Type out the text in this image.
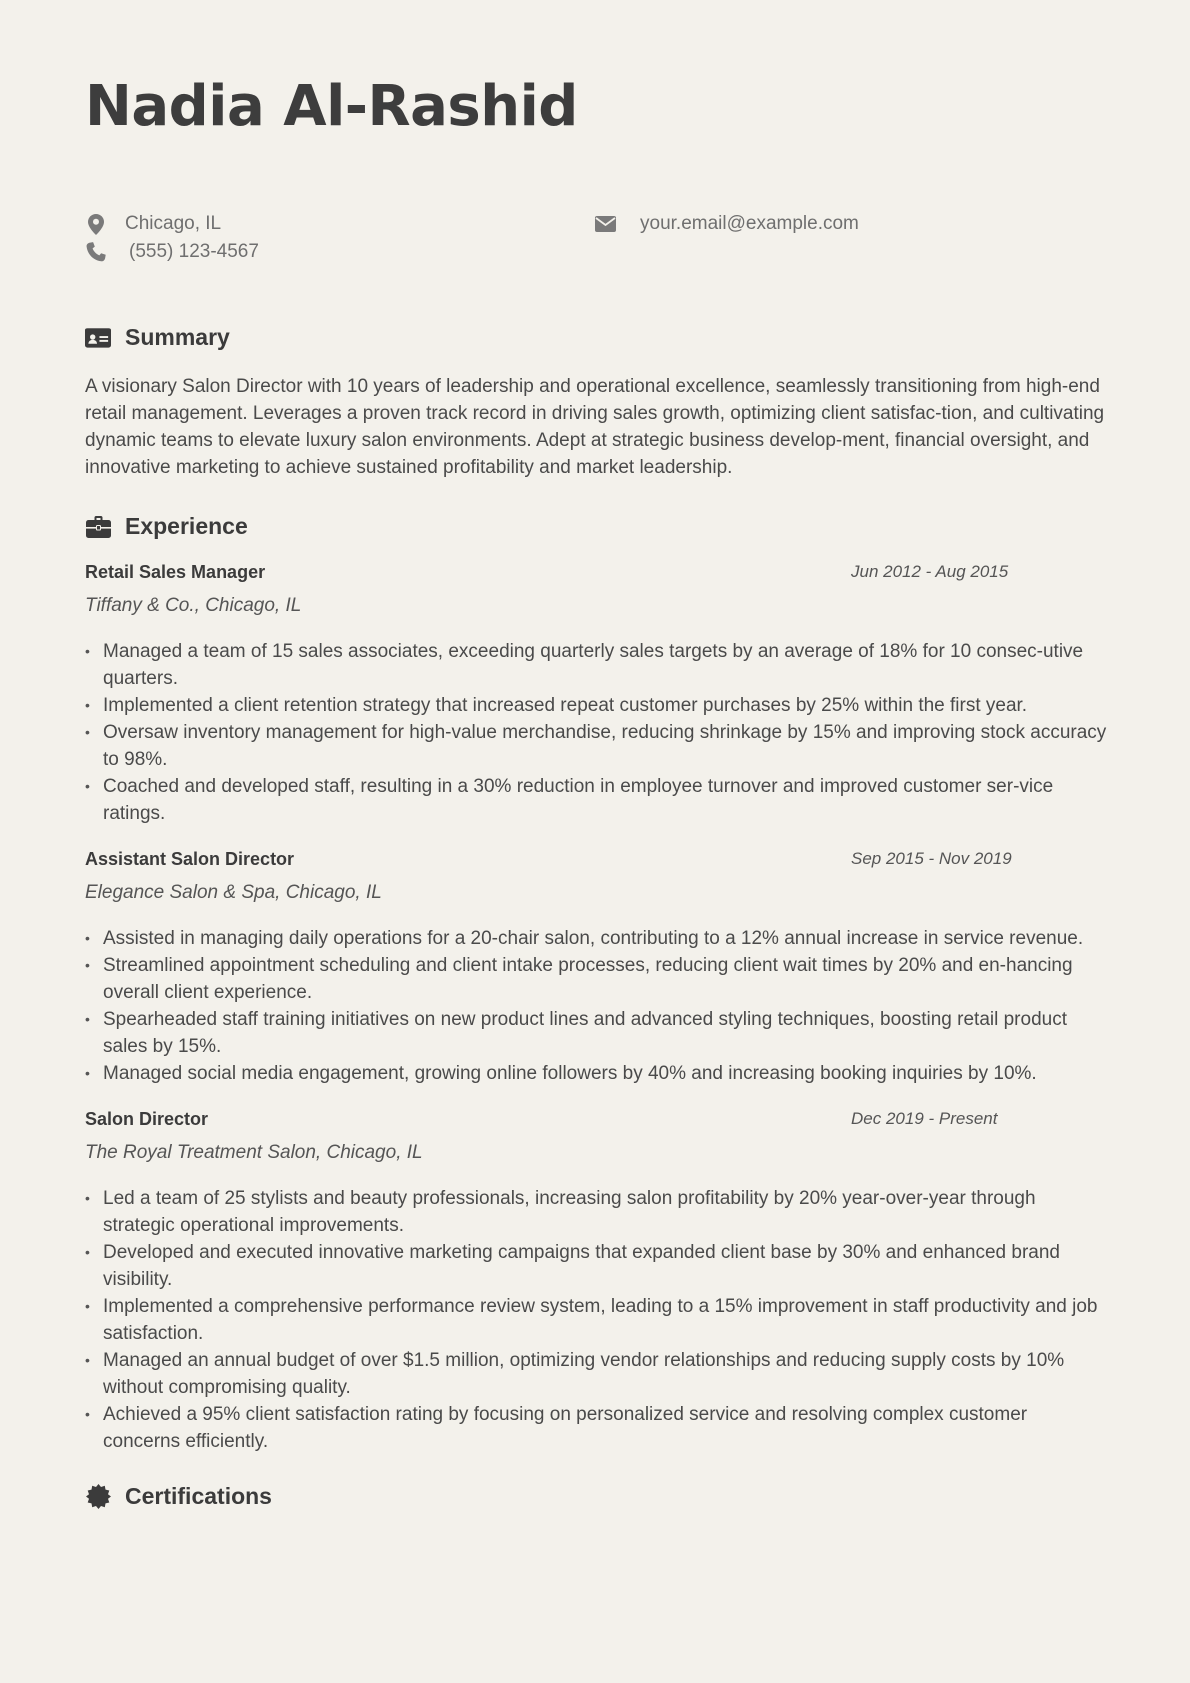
Nadia Al-Rashid
Chicago, IL
(555) 123-4567
your.email@example.com
Summary

A visionary Salon Director with 10 years of leadership and operational excellence, seamlessly transitioning from high-end retail management. Leverages a proven track record in driving sales growth, optimizing client satisfac-tion, and cultivating dynamic teams to elevate luxury salon environments. Adept at strategic business develop-ment, financial oversight, and innovative marketing to achieve sustained profitability and market leadership.

Experience
Retail Sales Manager	Jun 2012 - Aug 2015
Tiffany & Co., Chicago, IL
• Managed a team of 15 sales associates, exceeding quarterly sales targets by an average of 18% for 10 consec-utive quarters.
• Implemented a client retention strategy that increased repeat customer purchases by 25% within the first year.
• Oversaw inventory management for high-value merchandise, reducing shrinkage by 15% and improving stock accuracy to 98%.
• Coached and developed staff, resulting in a 30% reduction in employee turnover and improved customer ser-vice ratings.
Assistant Salon Director	Sep 2015 - Nov 2019
Elegance Salon & Spa, Chicago, IL
• Assisted in managing daily operations for a 20-chair salon, contributing to a 12% annual increase in service revenue.
• Streamlined appointment scheduling and client intake processes, reducing client wait times by 20% and en-hancing overall client experience.
• Spearheaded staff training initiatives on new product lines and advanced styling techniques, boosting retail product sales by 15%.
• Managed social media engagement, growing online followers by 40% and increasing booking inquiries by 10%.
Salon Director	Dec 2019 - Present
The Royal Treatment Salon, Chicago, IL
• Led a team of 25 stylists and beauty professionals, increasing salon profitability by 20% year-over-year through strategic operational improvements.
• Developed and executed innovative marketing campaigns that expanded client base by 30% and enhanced brand visibility.
• Implemented a comprehensive performance review system, leading to a 15% improvement in staff productivity and job satisfaction.
• Managed an annual budget of over $1.5 million, optimizing vendor relationships and reducing supply costs by 10% without compromising quality.
• Achieved a 95% client satisfaction rating by focusing on personalized service and resolving complex customer concerns efficiently.
Certifications
